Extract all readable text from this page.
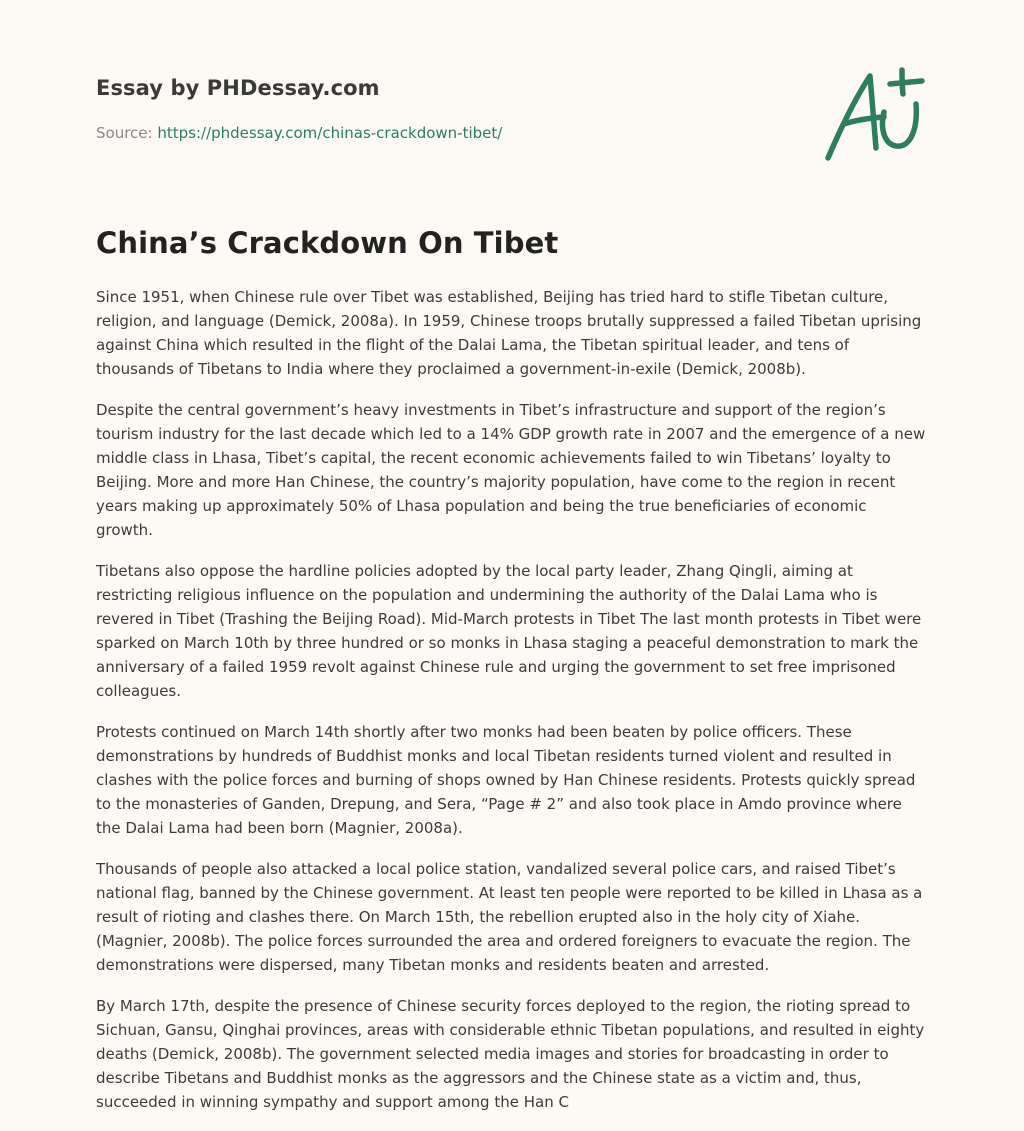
Essay by PHDessay.com
Source: https://phdessay.com/chinas-crackdown-tibet/
China’s Crackdown On Tibet

Since 1951, when Chinese rule over Tibet was established, Beijing has tried hard to stifle Tibetan culture, religion, and language (Demick, 2008a). In 1959, Chinese troops brutally suppressed a failed Tibetan uprising against China which resulted in the flight of the Dalai Lama, the Tibetan spiritual leader, and tens of thousands of Tibetans to India where they proclaimed a government-in-exile (Demick, 2008b).

Despite the central government’s heavy investments in Tibet’s infrastructure and support of the region’s tourism industry for the last decade which led to a 14% GDP growth rate in 2007 and the emergence of a new middle class in Lhasa, Tibet’s capital, the recent economic achievements failed to win Tibetans’ loyalty to Beijing. More and more Han Chinese, the country’s majority population, have come to the region in recent years making up approximately 50% of Lhasa population and being the true beneficiaries of economic growth.

Tibetans also oppose the hardline policies adopted by the local party leader, Zhang Qingli, aiming at restricting religious influence on the population and undermining the authority of the Dalai Lama who is revered in Tibet (Trashing the Beijing Road). Mid-March protests in Tibet The last month protests in Tibet were sparked on March 10th by three hundred or so monks in Lhasa staging a peaceful demonstration to mark the anniversary of a failed 1959 revolt against Chinese rule and urging the government to set free imprisoned colleagues.

Protests continued on March 14th shortly after two monks had been beaten by police officers. These demonstrations by hundreds of Buddhist monks and local Tibetan residents turned violent and resulted in clashes with the police forces and burning of shops owned by Han Chinese residents. Protests quickly spread to the monasteries of Ganden, Drepung, and Sera, “Page # 2” and also took place in Amdo province where the Dalai Lama had been born (Magnier, 2008a).

Thousands of people also attacked a local police station, vandalized several police cars, and raised Tibet’s national flag, banned by the Chinese government. At least ten people were reported to be killed in Lhasa as a result of rioting and clashes there. On March 15th, the rebellion erupted also in the holy city of Xiahe. (Magnier, 2008b). The police forces surrounded the area and ordered foreigners to evacuate the region. The demonstrations were dispersed, many Tibetan monks and residents beaten and arrested.

By March 17th, despite the presence of Chinese security forces deployed to the region, the rioting spread to Sichuan, Gansu, Qinghai provinces, areas with considerable ethnic Tibetan populations, and resulted in eighty deaths (Demick, 2008b). The government selected media images and stories for broadcasting in order to describe Tibetans and Buddhist monks as the aggressors and the Chinese state as a victim and, thus, succeeded in winning sympathy and support among the Han C
